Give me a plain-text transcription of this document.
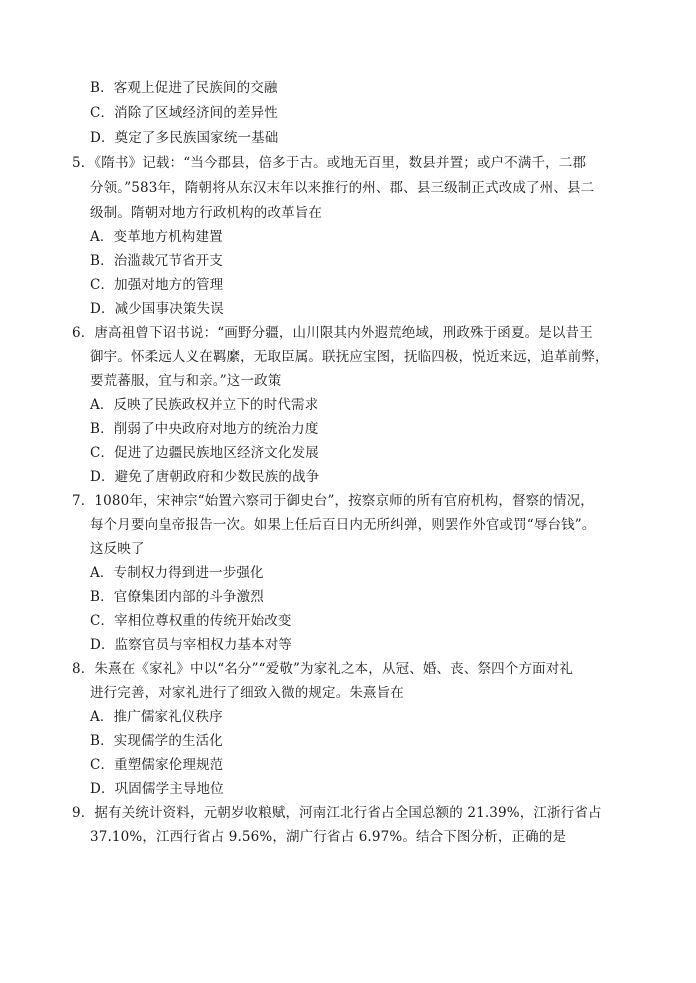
B．客观上促进了民族间的交融
C．消除了区域经济间的差异性
D．奠定了多民族国家统一基础
5．《隋书》记载：“当今郡县，倍多于古。或地无百里，数县并置；或户不满千，二郡
分领。”583年，隋朝将从东汉末年以来推行的州、郡、县三级制正式改成了州、县二
级制。隋朝对地方行政机构的改革旨在
A．变革地方机构建置
B．治滥裁冗节省开支
C．加强对地方的管理
D．减少国事决策失误
6．唐高祖曾下诏书说：“画野分疆，山川限其内外遐荒绝域，刑政殊于函夏。是以昔王
御宇。怀柔远人义在羁縻，无取臣属。联抚应宝图，抚临四极，悦近来远，追革前弊，
要荒蕃服，宜与和亲。”这一政策
A．反映了民族政权并立下的时代需求
B．削弱了中央政府对地方的统治力度
C．促进了边疆民族地区经济文化发展
D．避免了唐朝政府和少数民族的战争
7．1080年，宋神宗“始置六察司于御史台”，按察京师的所有官府机构，督察的情况，
每个月要向皇帝报告一次。如果上任后百日内无所纠弹，则罢作外官或罚“辱台钱”。
这反映了
A．专制权力得到进一步强化
B．官僚集团内部的斗争激烈
C．宰相位尊权重的传统开始改变
D．监察官员与宰相权力基本对等
8．朱熹在《家礼》中以“名分”“爱敬”为家礼之本，从冠、婚、丧、祭四个方面对礼
进行完善，对家礼进行了细致入微的规定。朱熹旨在
A．推广儒家礼仪秩序
B．实现儒学的生活化
C．重塑儒家伦理规范
D．巩固儒学主导地位
9．据有关统计资料，元朝岁收粮赋，河南江北行省占全国总额的 21.39%，江浙行省占
37.10%，江西行省占 9.56%，湖广行省占 6.97%。结合下图分析，正确的是
